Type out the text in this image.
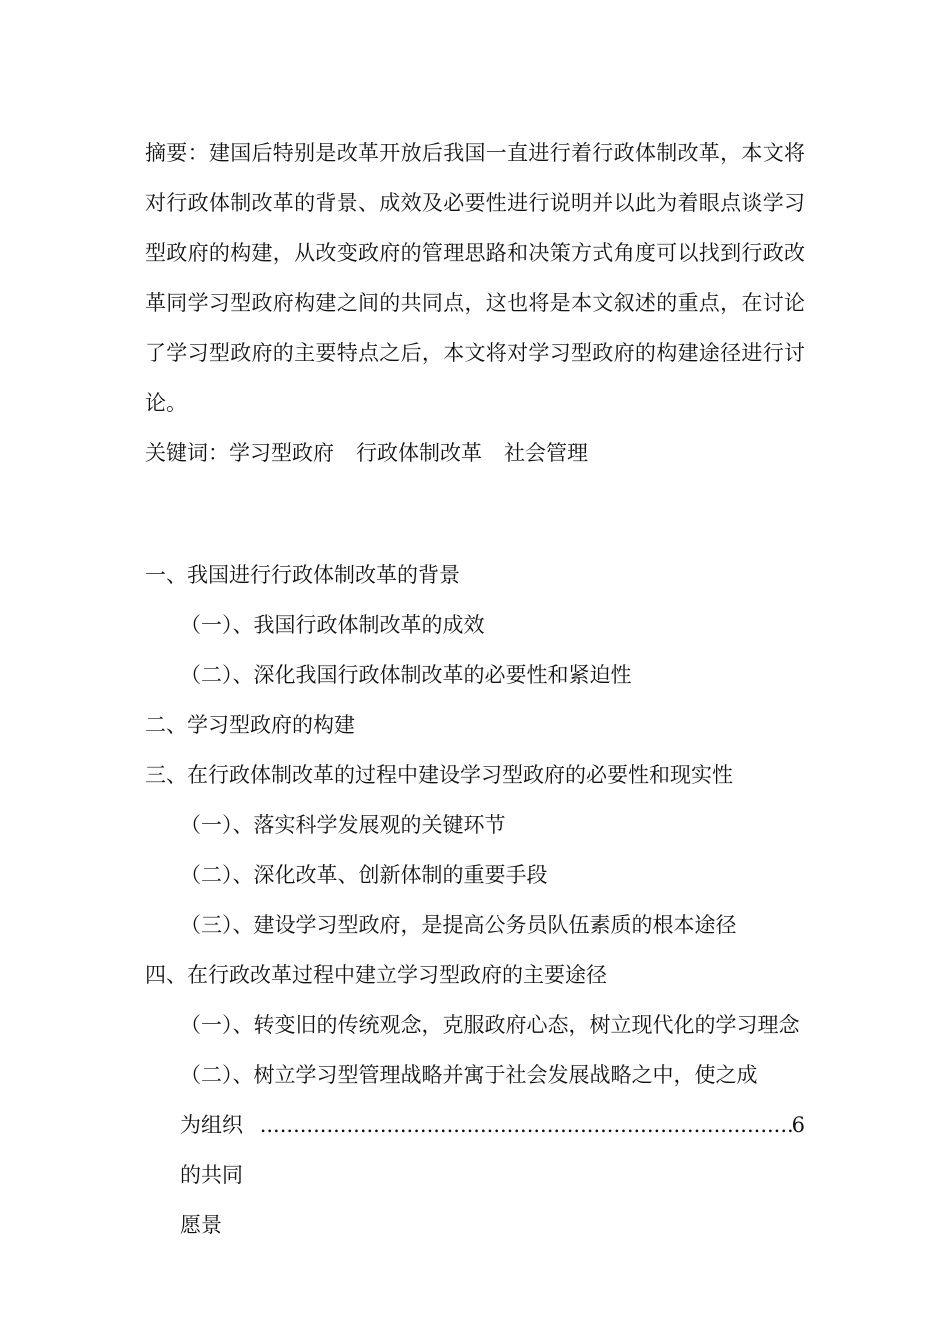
摘要：建国后特别是改革开放后我国一直进行着行政体制改革，本文将对行政体制改革的背景、成效及必要性进行说明并以此为着眼点谈学习型政府的构建，从改变政府的管理思路和决策方式角度可以找到行政改革同学习型政府构建之间的共同点，这也将是本文叙述的重点，在讨论了学习型政府的主要特点之后，本文将对学习型政府的构建途径进行讨论。

关键词：学习型政府 行政体制改革 社会管理

一、我国进行行政体制改革的背景
（一）、我国行政体制改革的成效
（二）、深化我国行政体制改革的必要性和紧迫性
二、学习型政府的构建
三、在行政体制改革的过程中建设学习型政府的必要性和现实性
（一）、落实科学发展观的关键环节
（二）、深化改革、创新体制的重要手段
（三）、建设学习型政府，是提高公务员队伍素质的根本途径
四、在行政改革过程中建立学习型政府的主要途径
（一）、转变旧的传统观念，克服政府心态，树立现代化的学习理念
（二）、树立学习型管理战略并寓于社会发展战略之中，使之成
为组织的共同愿景
.....
6
